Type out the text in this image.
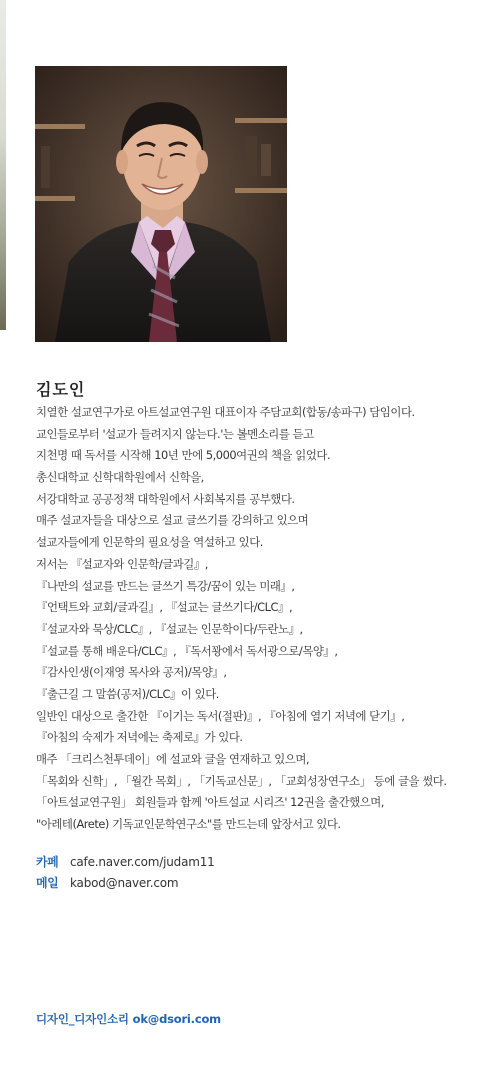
김도인
치열한 설교연구가로 아트설교연구원 대표이자 주담교회(합동/송파구) 담임이다.
교인들로부터 '설교가 들려지지 않는다.'는 볼멘소리를 듣고
지천명 때 독서를 시작해 10년 만에 5,000여권의 책을 읽었다.
총신대학교 신학대학원에서 신학을,
서강대학교 공공정책 대학원에서 사회복지를 공부했다.
매주 설교자들을 대상으로 설교 글쓰기를 강의하고 있으며
설교자들에게 인문학의 필요성을 역설하고 있다.
저서는 『설교자와 인문학/글과길』,
『나만의 설교를 만드는 글쓰기 특강/꿈이 있는 미래』,
『언택트와 교회/글과길』, 『설교는 글쓰기다/CLC』,
『설교자와 묵상/CLC』, 『설교는 인문학이다/두란노』,
『설교를 통해 배운다/CLC』, 『독서꽝에서 독서광으로/목양』,
『감사인생(이재영 목사와 공저)/목양』,
『출근길 그 말씀(공저)/CLC』이 있다.
일반인 대상으로 출간한 『이기는 독서(절판)』, 『아침에 열기 저녁에 닫기』,
『아침의 숙제가 저녁에는 축제로』가 있다.
매주 「크리스천투데이」에 설교와 글을 연재하고 있으며,
「목회와 신학」, 「월간 목회」, 「기독교신문」, 「교회성장연구소」 등에 글을 썼다.
「아트설교연구원」 회원들과 함께 '아트설교 시리즈' 12권을 출간했으며,
"아레테(Arete) 기독교인문학연구소"를 만드는데 앞장서고 있다.
카페 cafe.naver.com/judam11
메일 kabod@naver.com
디자인_디자인소리 ok@dsori.com
